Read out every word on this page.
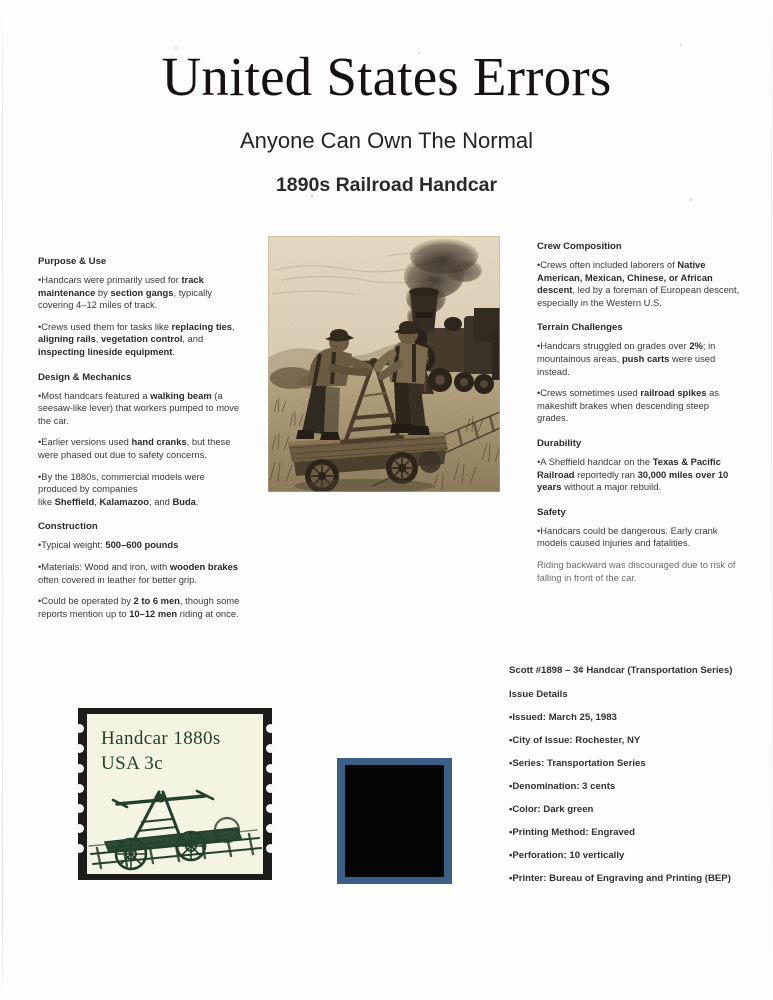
United States Errors
Anyone Can Own The Normal
1890s Railroad Handcar
Purpose & Use

•Handcars were primarily used for track maintenance by section gangs, typically covering 4–12 miles of track.

•Crews used them for tasks like replacing ties, aligning rails, vegetation control, and inspecting lineside equipment.

Design & Mechanics

•Most handcars featured a walking beam (a seesaw-like lever) that workers pumped to move the car.

•Earlier versions used hand cranks, but these were phased out due to safety concerns.

•By the 1880s, commercial models were produced by companies
like Sheffield, Kalamazoo, and Buda.

Construction

•Typical weight: 500–600 pounds

•Materials: Wood and iron, with wooden brakes often covered in leather for better grip.

•Could be operated by 2 to 6 men, though some reports mention up to 10–12 men riding at once.

Crew Composition

•Crews often included laborers of Native American, Mexican, Chinese, or African descent, led by a foreman of European descent, especially in the Western U.S.

Terrain Challenges

•Handcars struggled on grades over 2%; in mountainous areas, push carts were used instead.

•Crews sometimes used railroad spikes as makeshift brakes when descending steep grades.

Durability

•A Sheffield handcar on the Texas & Pacific Railroad reportedly ran 30,000 miles over 10 years without a major rebuild.

Safety

•Handcars could be dangerous. Early crank models caused injuries and fatalities.

Riding backward was discouraged due to risk of falling in front of the car.

Handcar 1880s
USA 3c
Scott #1898 – 3¢ Handcar (Transportation Series)
Issue Details
•Issued: March 25, 1983
•City of Issue: Rochester, NY
•Series: Transportation Series
•Denomination: 3 cents
•Color: Dark green
•Printing Method: Engraved
•Perforation: 10 vertically
•Printer: Bureau of Engraving and Printing (BEP)
